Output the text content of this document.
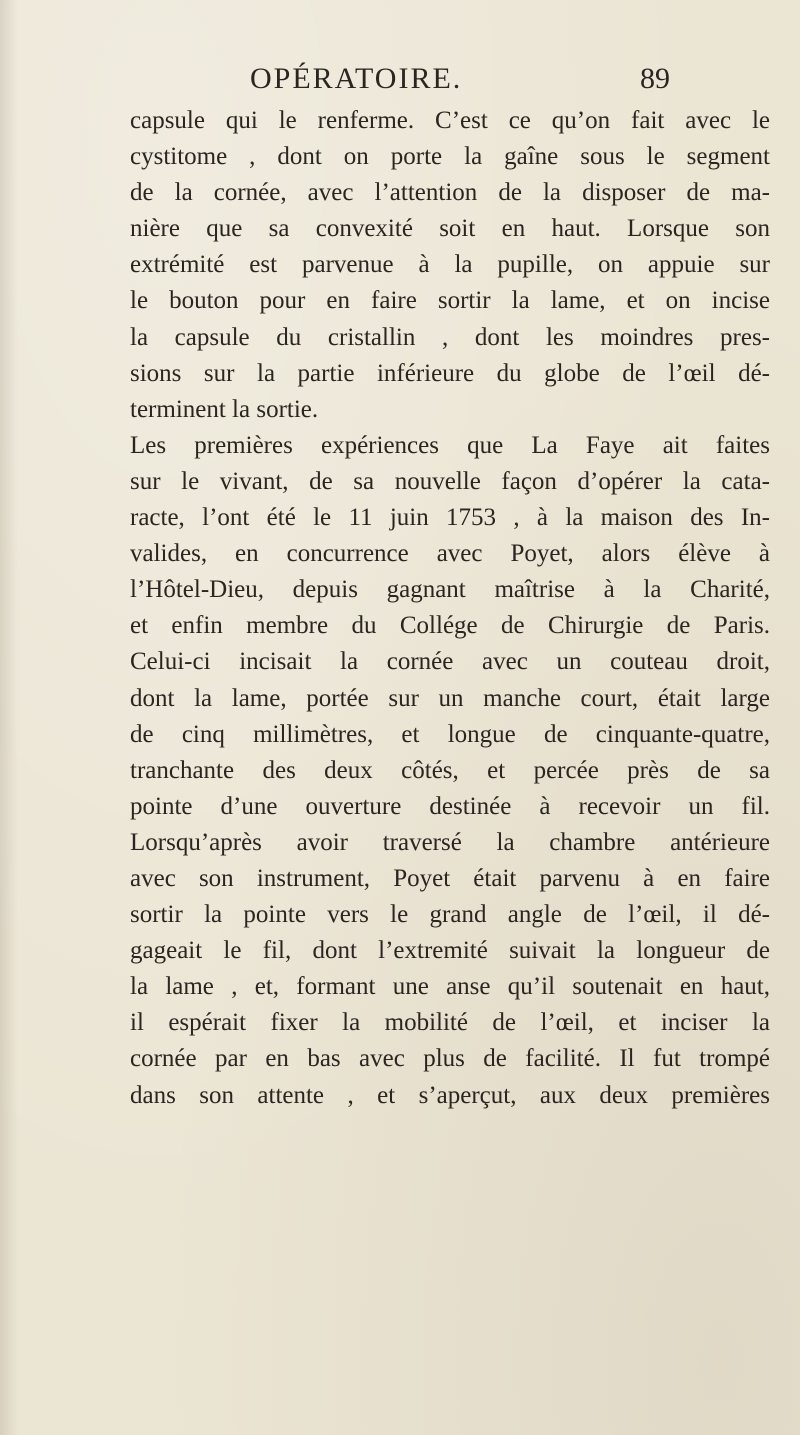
OPÉRATOIRE.	89
capsule qui le renferme. C’est ce qu’on fait avec le
cystitome , dont on porte la gaîne sous le segment
de la cornée, avec l’attention de la disposer de ma-
nière que sa convexité soit en haut. Lorsque son
extrémité est parvenue à la pupille, on appuie sur
le bouton pour en faire sortir la lame, et on incise
la capsule du cristallin , dont les moindres pres-
sions sur la partie inférieure du globe de l’œil dé-
terminent la sortie.
Les premières expériences que La Faye ait faites
sur le vivant, de sa nouvelle façon d’opérer la cata-
racte, l’ont été le 11 juin 1753 , à la maison des In-
valides, en concurrence avec Poyet, alors élève à
l’Hôtel-Dieu, depuis gagnant maîtrise à la Charité,
et enfin membre du Collége de Chirurgie de Paris.
Celui-ci incisait la cornée avec un couteau droit,
dont la lame, portée sur un manche court, était large
de cinq millimètres, et longue de cinquante-quatre,
tranchante des deux côtés, et percée près de sa
pointe d’une ouverture destinée à recevoir un fil.
Lorsqu’après avoir traversé la chambre antérieure
avec son instrument, Poyet était parvenu à en faire
sortir la pointe vers le grand angle de l’œil, il dé-
gageait le fil, dont l’extremité suivait la longueur de
la lame , et, formant une anse qu’il soutenait en haut,
il espérait fixer la mobilité de l’œil, et inciser la
cornée par en bas avec plus de facilité. Il fut trompé
dans son attente , et s’aperçut, aux deux premières
